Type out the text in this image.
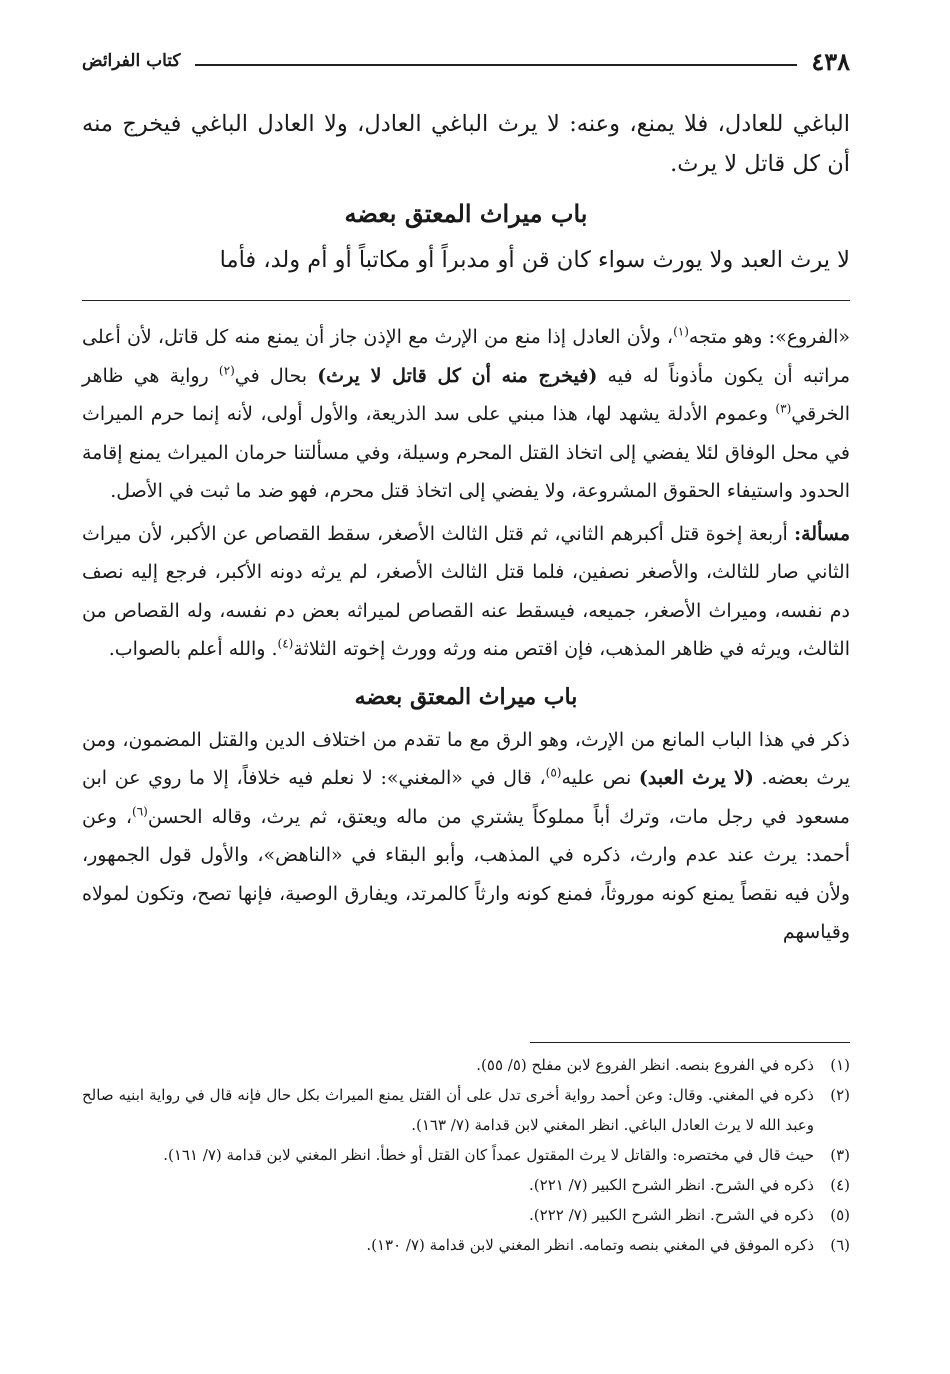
٤٣٨
كتاب الفرائض

الباغي للعادل، فلا يمنع، وعنه: لا يرث الباغي العادل، ولا العادل الباغي فيخرج منه أن كل قاتل لا يرث.

باب ميراث المعتق بعضه

لا يرث العبد ولا يورث سواء كان قن أو مدبراً أو مكاتباً أو أم ولد، فأما

«الفروع»: وهو متجه$^{(١)}$، ولأن العادل إذا منع من الإرث مع الإذن جاز أن يمنع منه كل قاتل، لأن أعلى مراتبه أن يكون مأذوناً له فيه (فيخرج منه أن كل قاتل لا يرث) بحال في$^{(٢)}$ رواية هي ظاهر الخرقي$^{(٣)}$ وعموم الأدلة يشهد لها، هذا مبني على سد الذريعة، والأول أولى، لأنه إنما حرم الميراث في محل الوفاق لئلا يفضي إلى اتخاذ القتل المحرم وسيلة، وفي مسألتنا حرمان الميراث يمنع إقامة الحدود واستيفاء الحقوق المشروعة، ولا يفضي إلى اتخاذ قتل محرم، فهو ضد ما ثبت في الأصل.

مسألة: أربعة إخوة قتل أكبرهم الثاني، ثم قتل الثالث الأصغر، سقط القصاص عن الأكبر، لأن ميراث الثاني صار للثالث، والأصغر نصفين، فلما قتل الثالث الأصغر، لم يرثه دونه الأكبر، فرجع إليه نصف دم نفسه، وميراث الأصغر، جميعه، فيسقط عنه القصاص لميراثه بعض دم نفسه، وله القصاص من الثالث، ويرثه في ظاهر المذهب، فإن اقتص منه ورثه وورث إخوته الثلاثة$^{(٤)}$. والله أعلم بالصواب.

باب ميراث المعتق بعضه

ذكر في هذا الباب المانع من الإرث، وهو الرق مع ما تقدم من اختلاف الدين والقتل المضمون، ومن يرث بعضه. (لا يرث العبد) نص عليه$^{(٥)}$، قال في «المغني»: لا نعلم فيه خلافاً، إلا ما روي عن ابن مسعود في رجل مات، وترك أباً مملوكاً يشتري من ماله ويعتق، ثم يرث، وقاله الحسن$^{(٦)}$، وعن أحمد: يرث عند عدم وارث، ذكره في المذهب، وأبو البقاء في «الناهض»، والأول قول الجمهور، ولأن فيه نقصاً يمنع كونه موروثاً، فمنع كونه وارثاً كالمرتد، ويفارق الوصية، فإنها تصح، وتكون لمولاه وقياسهم

(١)
ذكره في الفروع بنصه. انظر الفروع لابن مفلح (٥/ ٥٥).
(٢)
ذكره في المغني. وقال: وعن أحمد رواية أخرى تدل على أن القتل يمنع الميراث بكل حال فإنه قال في رواية ابنيه صالح وعبد الله لا يرث العادل الباغي. انظر المغني لابن قدامة (٧/ ١٦٣).
(٣)
حيث قال في مختصره: والقاتل لا يرث المقتول عمداً كان القتل أو خطأ. انظر المغني لابن قدامة (٧/ ١٦١).
(٤)
ذكره في الشرح. انظر الشرح الكبير (٧/ ٢٢١).
(٥)
ذكره في الشرح. انظر الشرح الكبير (٧/ ٢٢٢).
(٦)
ذكره الموفق في المغني بنصه وتمامه. انظر المغني لابن قدامة (٧/ ١٣٠).
